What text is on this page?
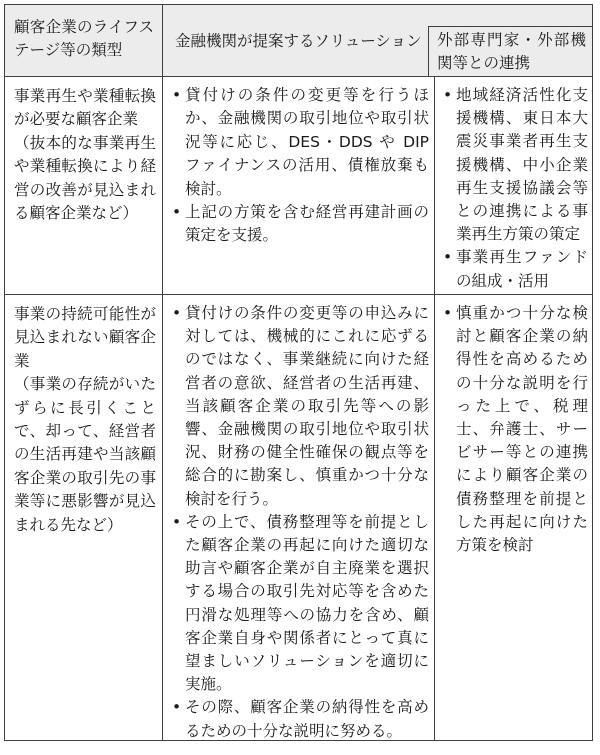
顧客企業のライフステージ等の類型
金融機関が提案するソリューション 外部専門家・外部機関等との連携
事業再生や業種転換が必要な顧客企業
（抜本的な事業再生や業種転換により経営の改善が見込まれる顧客企業など）
• 貸付けの条件の変更等を行うほか、金融機関の取引地位や取引状況等に応じ、DES・DDS や DIP ファイナンスの活用、債権放棄も検討。
• 上記の方策を含む経営再建計画の策定を支援。
• 地域経済活性化支援機構、東日本大震災事業者再生支援機構、中小企業再生支援協議会等との連携による事業再生方策の策定
• 事業再生ファンドの組成・活用
事業の持続可能性が見込まれない顧客企業
（事業の存続がいたずらに長引くことで、却って、経営者の生活再建や当該顧客企業の取引先の事業等に悪影響が見込まれる先など）
• 貸付けの条件の変更等の申込みに対しては、機械的にこれに応ずるのではなく、事業継続に向けた経営者の意欲、経営者の生活再建、当該顧客企業の取引先等への影響、金融機関の取引地位や取引状況、財務の健全性確保の観点等を総合的に勘案し、慎重かつ十分な検討を行う。
• その上で、債務整理等を前提とした顧客企業の再起に向けた適切な助言や顧客企業が自主廃業を選択する場合の取引先対応等を含めた円滑な処理等への協力を含め、顧客企業自身や関係者にとって真に望ましいソリューションを適切に実施。
• その際、顧客企業の納得性を高めるための十分な説明に努める。
• 慎重かつ十分な検討と顧客企業の納得性を高めるための十分な説明を行った上で、税理士、弁護士、サービサー等との連携により顧客企業の債務整理を前提とした再起に向けた方策を検討
